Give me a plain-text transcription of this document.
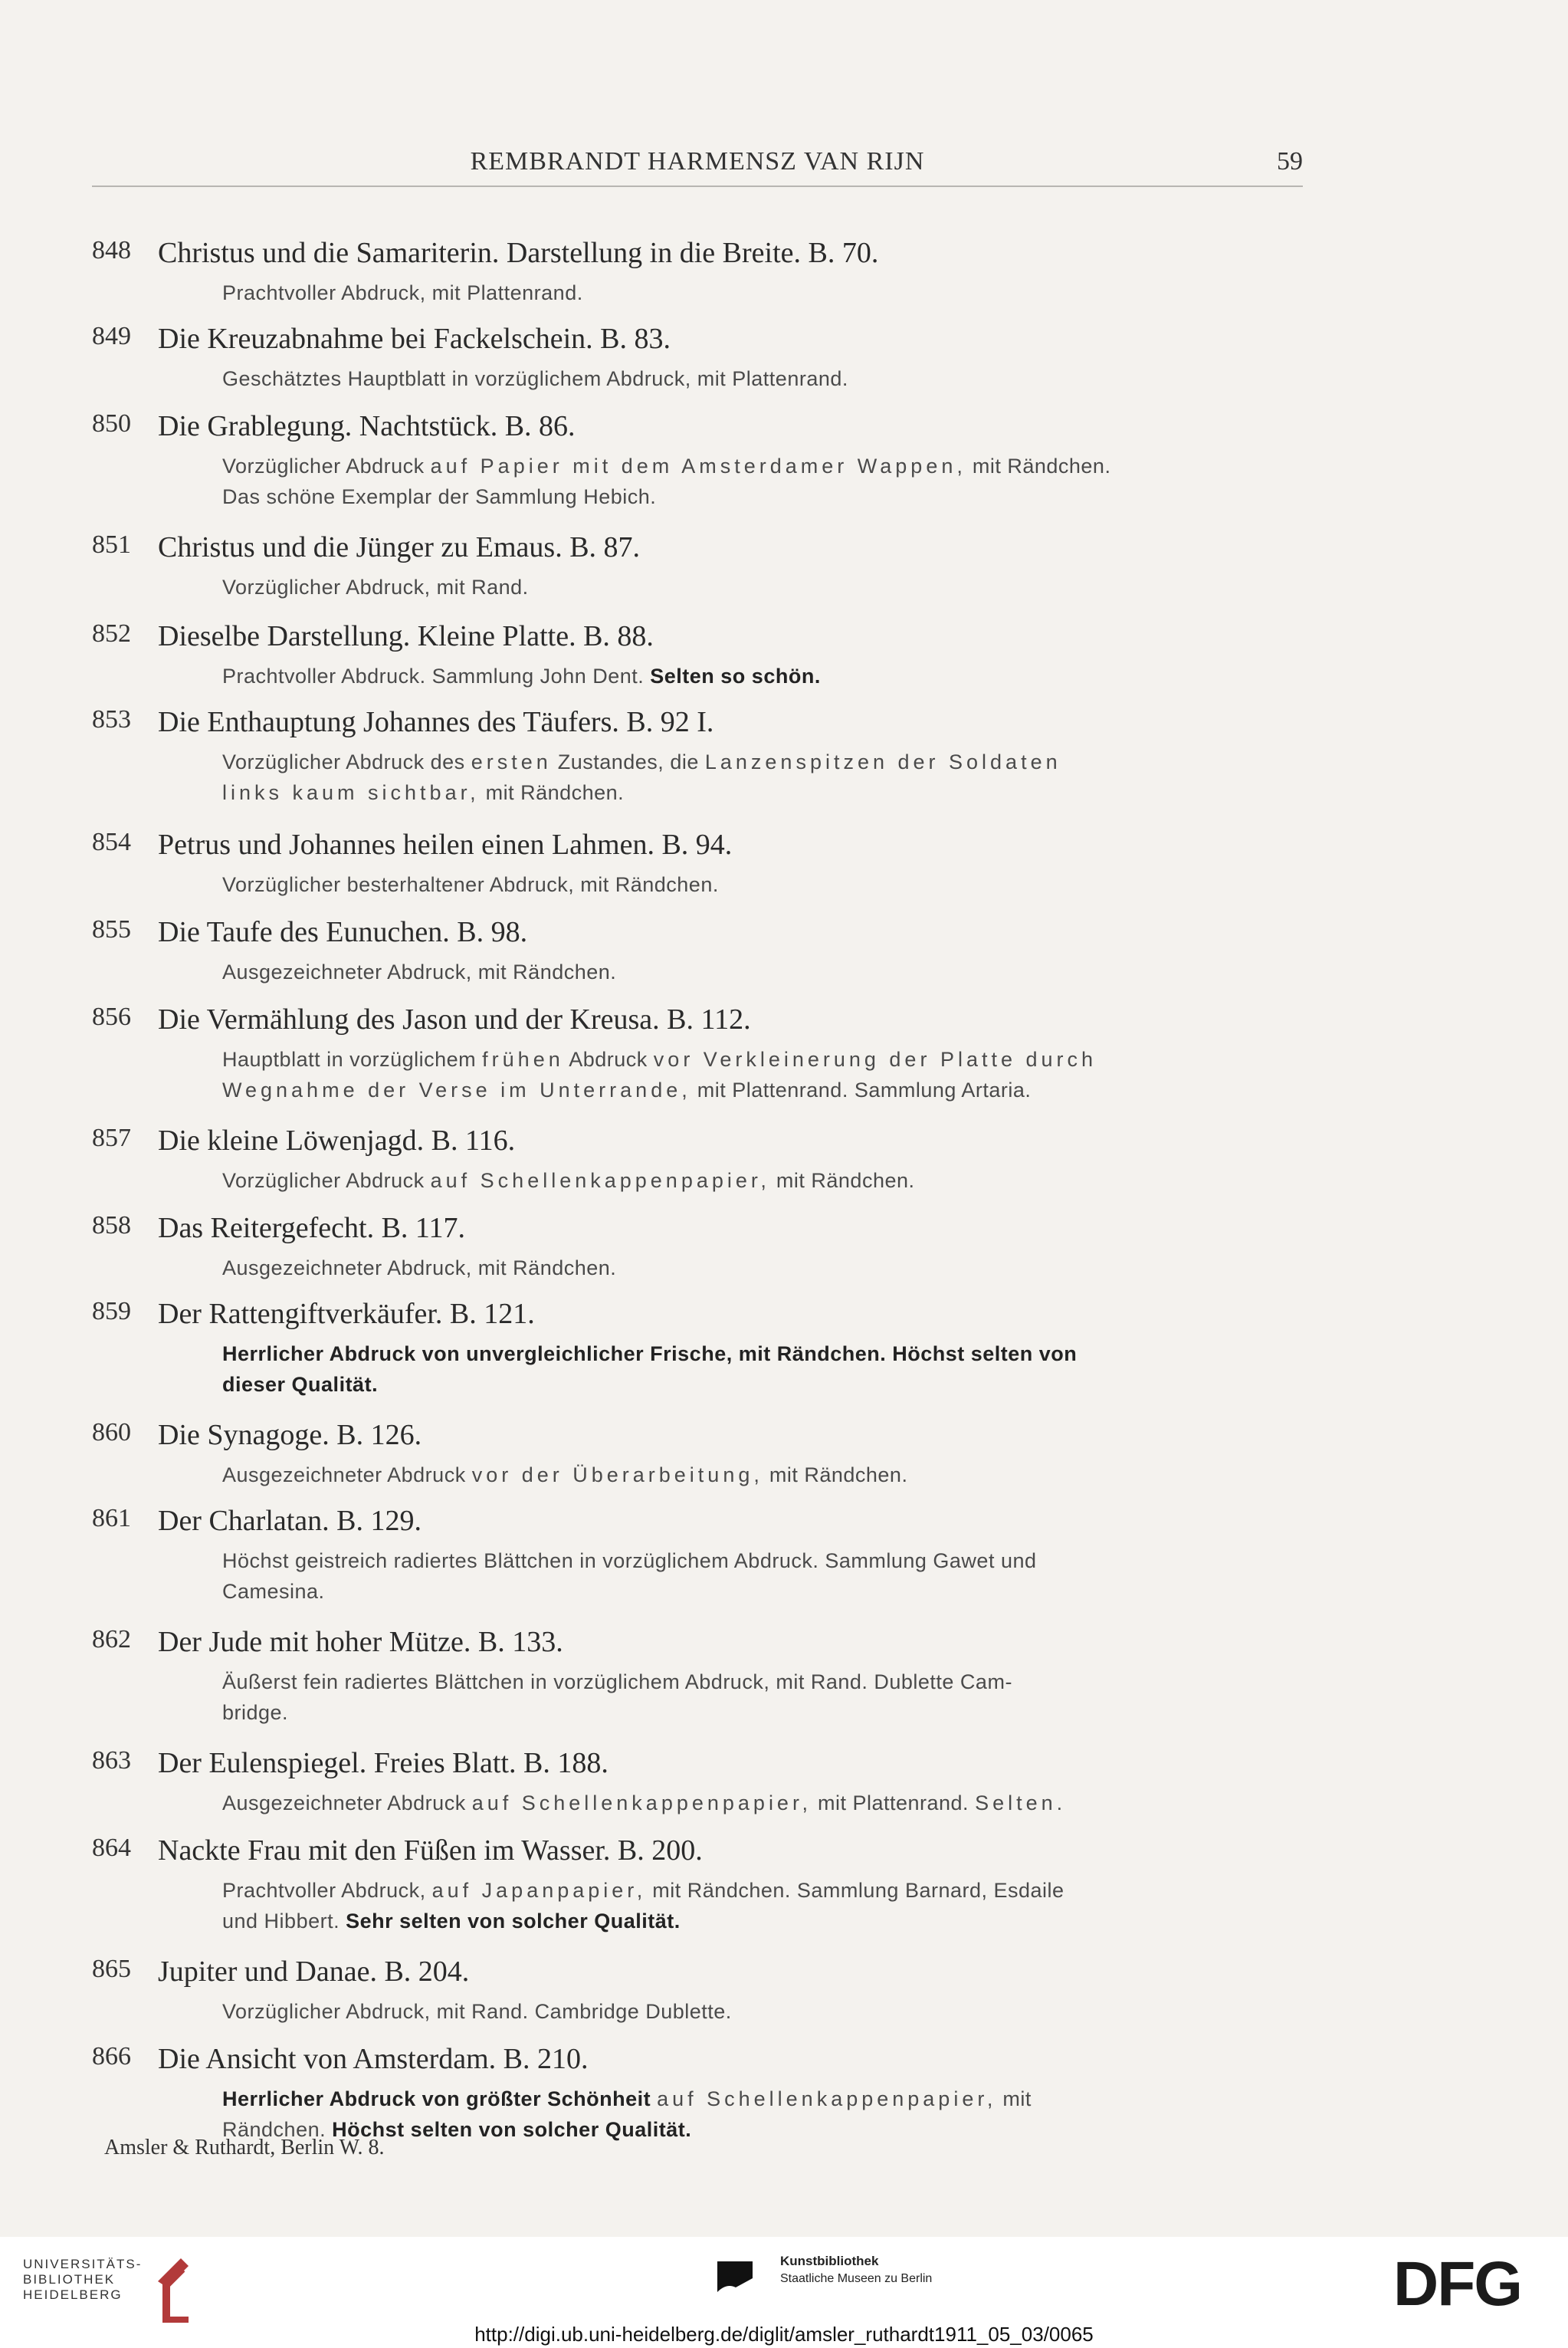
REMBRANDT HARMENSZ VAN RIJN	59
848 Christus und die Samariterin. Darstellung in die Breite. B. 70.
Prachtvoller Abdruck, mit Plattenrand.
849 Die Kreuzabnahme bei Fackelschein. B. 83.
Geschätztes Hauptblatt in vorzüglichem Abdruck, mit Plattenrand.
850 Die Grablegung. Nachtstück. B. 86.
Vorzüglicher Abdruck auf Papier mit dem Amsterdamer Wappen, mit Rändchen.
Das schöne Exemplar der Sammlung Hebich.
851 Christus und die Jünger zu Emaus. B. 87.
Vorzüglicher Abdruck, mit Rand.
852 Dieselbe Darstellung. Kleine Platte. B. 88.
Prachtvoller Abdruck. Sammlung John Dent. Selten so schön.
853 Die Enthauptung Johannes des Täufers. B. 92 I.
Vorzüglicher Abdruck des ersten Zustandes, die Lanzenspitzen der Soldaten
links kaum sichtbar, mit Rändchen.
854 Petrus und Johannes heilen einen Lahmen. B. 94.
Vorzüglicher besterhaltener Abdruck, mit Rändchen.
855 Die Taufe des Eunuchen. B. 98.
Ausgezeichneter Abdruck, mit Rändchen.
856 Die Vermählung des Jason und der Kreusa. B. 112.
Hauptblatt in vorzüglichem frühen Abdruck vor Verkleinerung der Platte durch
Wegnahme der Verse im Unterrande, mit Plattenrand. Sammlung Artaria.
857 Die kleine Löwenjagd. B. 116.
Vorzüglicher Abdruck auf Schellenkappenpapier, mit Rändchen.
858 Das Reitergefecht. B. 117.
Ausgezeichneter Abdruck, mit Rändchen.
859 Der Rattengiftverkäufer. B. 121.
Herrlicher Abdruck von unvergleichlicher Frische, mit Rändchen. Höchst selten von
dieser Qualität.
860 Die Synagoge. B. 126.
Ausgezeichneter Abdruck vor der Überarbeitung, mit Rändchen.
861 Der Charlatan. B. 129.
Höchst geistreich radiertes Blättchen in vorzüglichem Abdruck. Sammlung Gawet und
Camesina.
862 Der Jude mit hoher Mütze. B. 133.
Äußerst fein radiertes Blättchen in vorzüglichem Abdruck, mit Rand. Dublette Cam-
bridge.
863 Der Eulenspiegel. Freies Blatt. B. 188.
Ausgezeichneter Abdruck auf Schellenkappenpapier, mit Plattenrand. Selten.
864 Nackte Frau mit den Füßen im Wasser. B. 200.
Prachtvoller Abdruck, auf Japanpapier, mit Rändchen. Sammlung Barnard, Esdaile
und Hibbert. Sehr selten von solcher Qualität.
865 Jupiter und Danae. B. 204.
Vorzüglicher Abdruck, mit Rand. Cambridge Dublette.
866 Die Ansicht von Amsterdam. B. 210.
Herrlicher Abdruck von größter Schönheit auf Schellenkappenpapier, mit
Rändchen. Höchst selten von solcher Qualität.
Amsler & Ruthardt, Berlin W. 8.
UNIVERSITÄTS-
BIBLIOTHEK
HEIDELBERG
Kunstbibliothek
Staatliche Museen zu Berlin	DFG
http://digi.ub.uni-heidelberg.de/diglit/amsler_ruthardt1911_05_03/0065
